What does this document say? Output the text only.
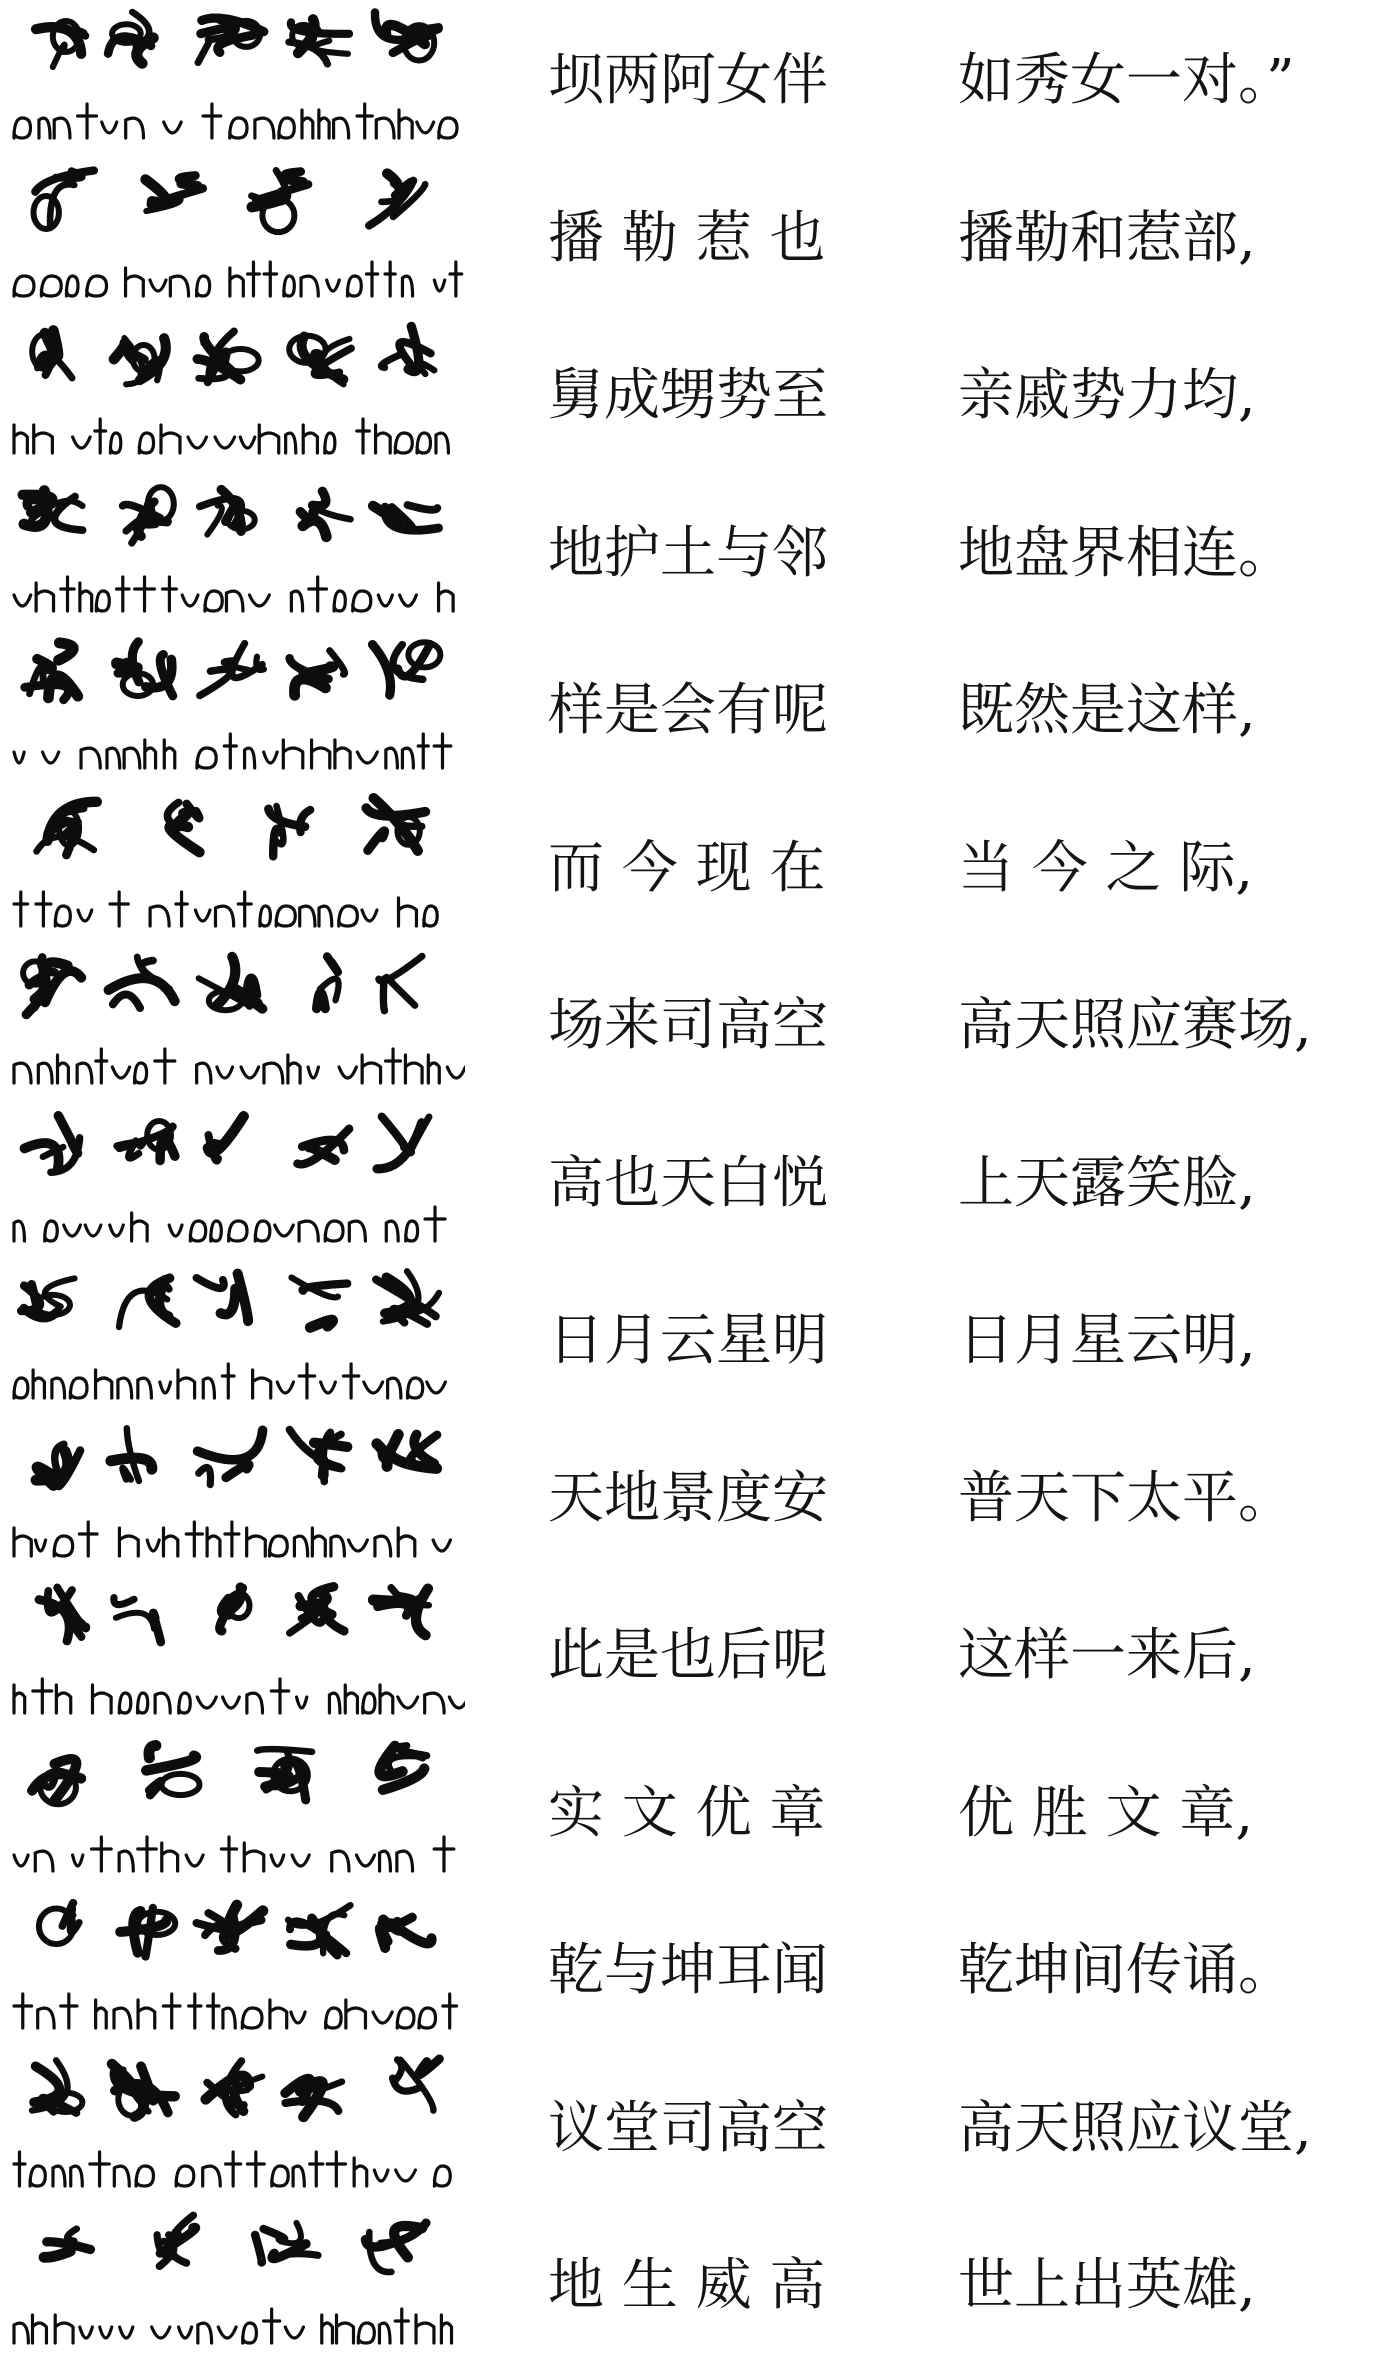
坝两阿女伴	如秀女一对。”
播 勒 惹 也	播勒和惹部,
舅成甥势至	亲戚势力均,
地护土与邻	地盘界相连。
样是会有呢	既然是这样,
而 今 现 在	当 今 之 际,
场来司高空	高天照应赛场,
高也天白悦	上天露笑脸,
日月云星明	日月星云明,
天地景度安	普天下太平。
此是也后呢	这样一来后,
实 文 优 章	优 胜 文 章,
乾与坤耳闻	乾坤间传诵。
议堂司高空	高天照应议堂,
地 生 威 高	世上出英雄,
